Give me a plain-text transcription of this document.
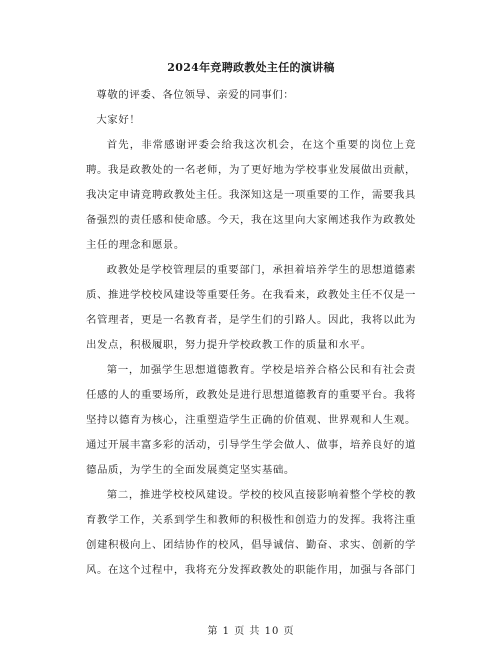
2024年竞聘政教处主任的演讲稿

尊敬的评委、各位领导、亲爱的同事们：

大家好！

首先，非常感谢评委会给我这次机会，在这个重要的岗位上竞聘。我是政教处的一名老师，为了更好地为学校事业发展做出贡献，我决定申请竞聘政教处主任。我深知这是一项重要的工作，需要我具备强烈的责任感和使命感。今天，我在这里向大家阐述我作为政教处主任的理念和愿景。

政教处是学校管理层的重要部门，承担着培养学生的思想道德素质、推进学校校风建设等重要任务。在我看来，政教处主任不仅是一名管理者，更是一名教育者，是学生们的引路人。因此，我将以此为出发点，积极履职，努力提升学校政教工作的质量和水平。

第一，加强学生思想道德教育。学校是培养合格公民和有社会责任感的人的重要场所，政教处是进行思想道德教育的重要平台。我将坚持以德育为核心，注重塑造学生正确的价值观、世界观和人生观。通过开展丰富多彩的活动，引导学生学会做人、做事，培养良好的道德品质，为学生的全面发展奠定坚实基础。

第二，推进学校校风建设。学校的校风直接影响着整个学校的教育教学工作，关系到学生和教师的积极性和创造力的发挥。我将注重创建积极向上、团结协作的校风，倡导诚信、勤奋、求实、创新的学风。在这个过程中，我将充分发挥政教处的职能作用，加强与各部门

第 1 页 共 10 页
